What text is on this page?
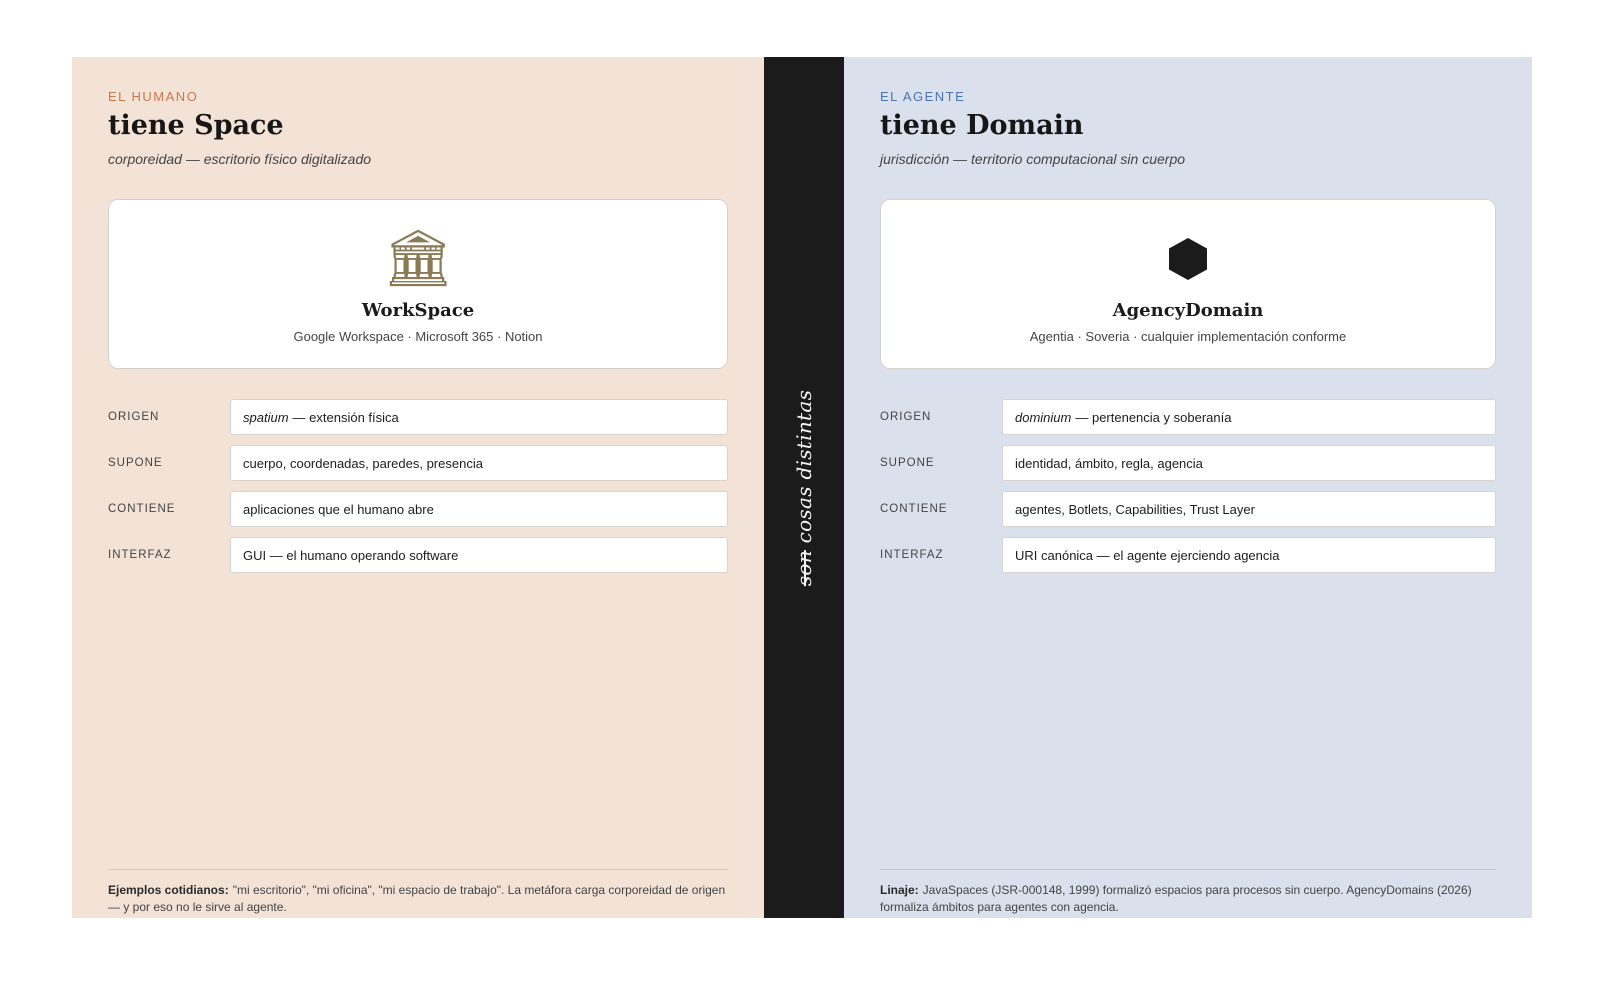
EL HUMANO
tiene Space

corporeidad — escritorio físico digitalizado

🏛
WorkSpace
Google Workspace · Microsoft 365 · Notion
ORIGEN	spatium — extensión física
SUPONE	cuerpo, coordenadas, paredes, presencia
CONTIENE	aplicaciones que el humano abre
INTERFAZ	GUI — el humano operando software
Ejemplos cotidianos: "mi escritorio", "mi oficina", "mi espacio de trabajo". La metáfora carga corporeidad de origen — y por eso no le sirve al agente.
son cosas distintas
EL AGENTE
tiene Domain

jurisdicción — territorio computacional sin cuerpo

AgencyDomain
Agentia · Soveria · cualquier implementación conforme
ORIGEN	dominium — pertenencia y soberanía
SUPONE	identidad, ámbito, regla, agencia
CONTIENE	agentes, Botlets, Capabilities, Trust Layer
INTERFAZ	URI canónica — el agente ejerciendo agencia
Linaje: JavaSpaces (JSR-000148, 1999) formalizó espacios para procesos sin cuerpo. AgencyDomains (2026) formaliza ámbitos para agentes con agencia.
